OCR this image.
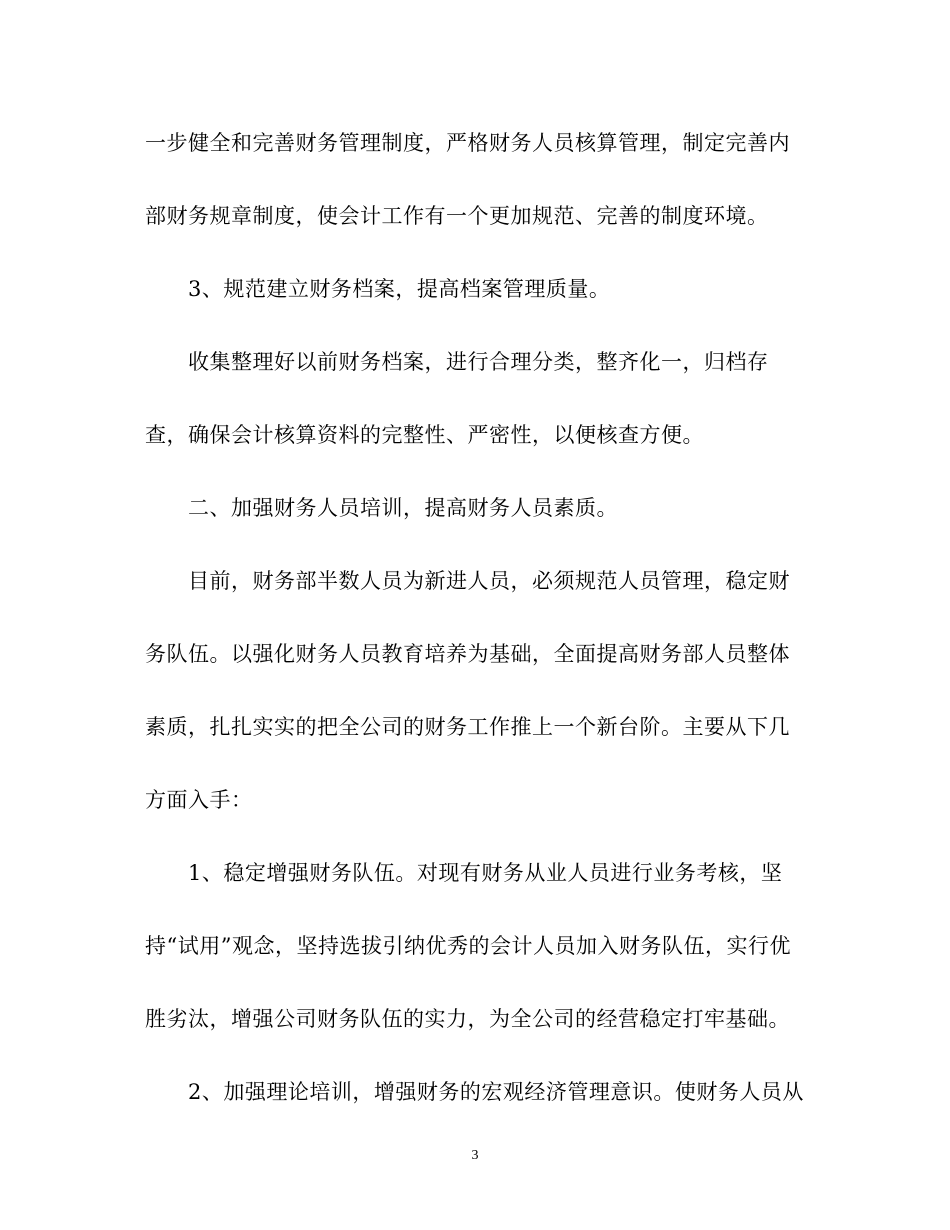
一步健全和完善财务管理制度，严格财务人员核算管理，制定完善内
部财务规章制度，使会计工作有一个更加规范、完善的制度环境。
3、规范建立财务档案，提高档案管理质量。
收集整理好以前财务档案，进行合理分类，整齐化一，归档存
查，确保会计核算资料的完整性、严密性，以便核查方便。
二、加强财务人员培训，提高财务人员素质。
目前，财务部半数人员为新进人员，必须规范人员管理，稳定财
务队伍。以强化财务人员教育培养为基础，全面提高财务部人员整体
素质，扎扎实实的把全公司的财务工作推上一个新台阶。主要从下几
方面入手：
1、稳定增强财务队伍。对现有财务从业人员进行业务考核，坚
持“试用”观念，坚持选拔引纳优秀的会计人员加入财务队伍，实行优
胜劣汰，增强公司财务队伍的实力，为全公司的经营稳定打牢基础。
2、加强理论培训，增强财务的宏观经济管理意识。使财务人员从
3
